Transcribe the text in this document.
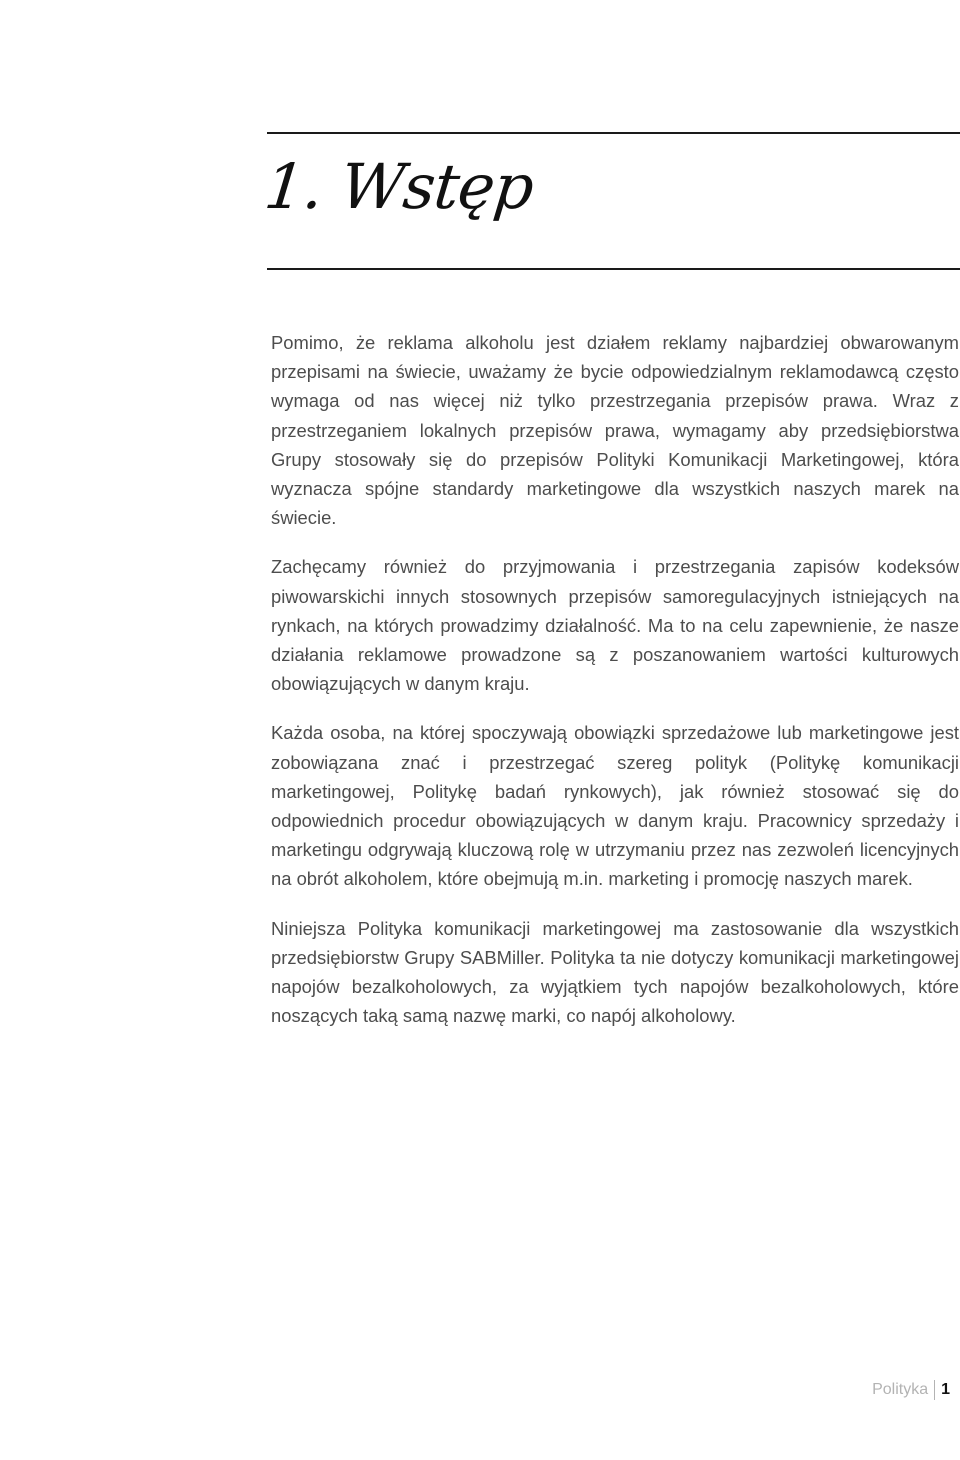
1. Wstęp

Pomimo, że reklama alkoholu jest działem reklamy najbardziej obwarowanym przepisami na świecie, uważamy że bycie odpowiedzialnym reklamodawcą często wymaga od nas więcej niż tylko przestrzegania przepisów prawa. Wraz z przestrzeganiem lokalnych przepisów prawa, wymagamy aby przedsiębiorstwa Grupy stosowały się do przepisów Polityki Komunikacji Marketingowej, która wyznacza spójne standardy marketingowe dla wszystkich naszych marek na świecie.

Zachęcamy również do przyjmowania i przestrzegania zapisów kodeksów piwowarskichi innych stosownych przepisów samoregulacyjnych istniejących na rynkach, na których prowadzimy działalność. Ma to na celu zapewnienie, że nasze działania reklamowe prowadzone są z poszanowaniem wartości kulturowych obowiązujących w danym kraju.

Każda osoba, na której spoczywają obowiązki sprzedażowe lub marketingowe jest zobowiązana znać i przestrzegać szereg polityk (Politykę komunikacji marketingowej, Politykę badań rynkowych), jak również stosować się do odpowiednich procedur obowiązujących w danym kraju. Pracownicy sprzedaży i marketingu odgrywają kluczową rolę w utrzymaniu przez nas zezwoleń licencyjnych na obrót alkoholem, które obejmują m.in. marketing i promocję naszych marek.

Niniejsza Polityka komunikacji marketingowej ma zastosowanie dla wszystkich przedsiębiorstw Grupy SABMiller. Polityka ta nie dotyczy komunikacji marketingowej napojów bezalkoholowych, za wyjątkiem tych napojów bezalkoholowych, które noszących taką samą nazwę marki, co napój alkoholowy.

Polityka 1
